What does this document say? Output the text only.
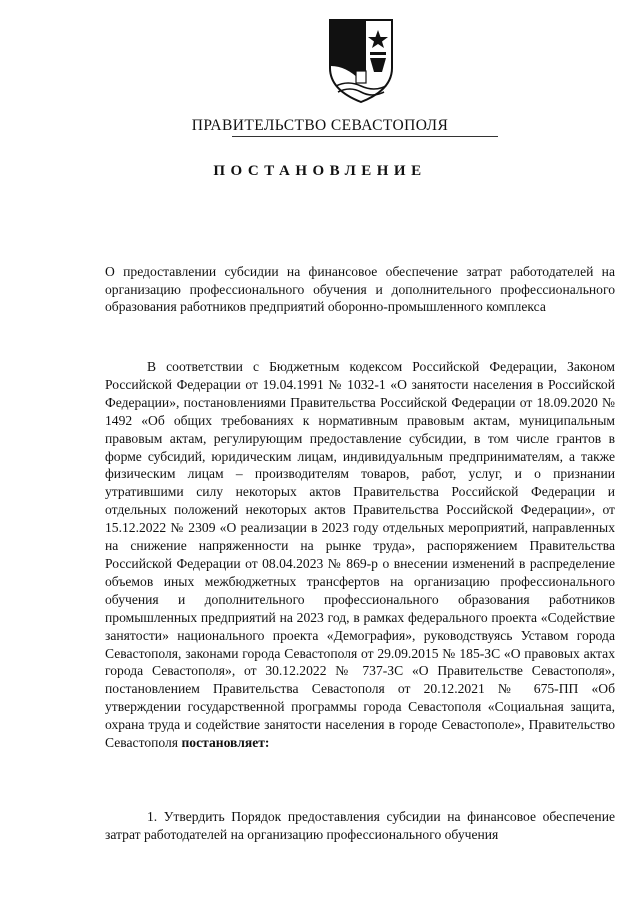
ПРАВИТЕЛЬСТВО СЕВАСТОПОЛЯ
ПОСТАНОВЛЕНИЕ
О предоставлении субсидии на финансовое обеспечение затрат работодателей на организацию профессионального обучения и дополнительного профессионального образования работников предприятий оборонно-промышленного комплекса
В соответствии с Бюджетным кодексом Российской Федерации, Законом Российской Федерации от 19.04.1991 № 1032-1 «О занятости населения в Российской Федерации», постановлениями Правительства Российской Федерации от 18.09.2020 № 1492 «Об общих требованиях к нормативным правовым актам, муниципальным правовым актам, регулирующим предоставление субсидии, в том числе грантов в форме субсидий, юридическим лицам, индивидуальным предпринимателям, а также физическим лицам – производителям товаров, работ, услуг, и о признании утратившими силу некоторых актов Правительства Российской Федерации и отдельных положений некоторых актов Правительства Российской Федерации», от 15.12.2022 № 2309 «О реализации в 2023 году отдельных мероприятий, направленных на снижение напряженности на рынке труда», распоряжением Правительства Российской Федерации от 08.04.2023 № 869-р о внесении изменений в распределение объемов иных межбюджетных трансфертов на организацию профессионального обучения и дополнительного профессионального образования работников промышленных предприятий на 2023 год, в рамках федерального проекта «Содействие занятости» национального проекта «Демография», руководствуясь Уставом города Севастополя, законами города Севастополя от 29.09.2015 № 185-ЗС «О правовых актах города Севастополя», от 30.12.2022 № 737-ЗС «О Правительстве Севастополя», постановлением Правительства Севастополя от 20.12.2021 № 675-ПП «Об утверждении государственной программы города Севастополя «Социальная защита, охрана труда и содействие занятости населения в городе Севастополе», Правительство Севастополя постановляет:
1. Утвердить Порядок предоставления субсидии на финансовое обеспечение затрат работодателей на организацию профессионального обучения
